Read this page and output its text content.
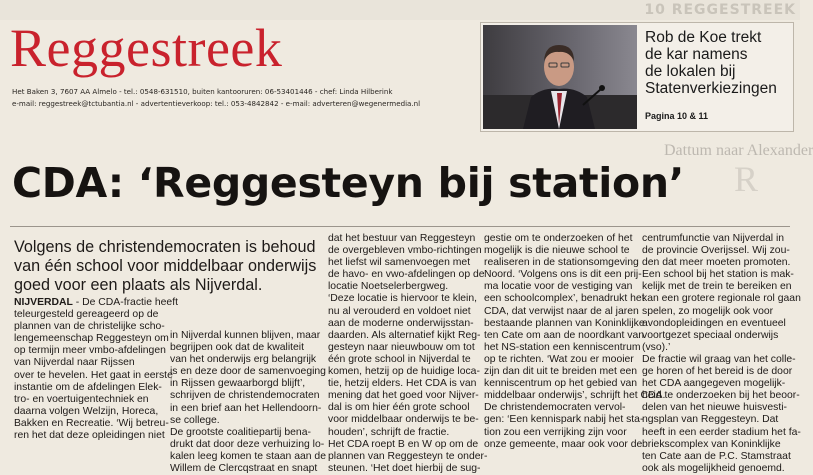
10 REGGESTREEK
Reggestreek
Het Baken 3, 7607 AA Almelo - tel.: 0548-631510, buiten kantooruren: 06-53401446 - chef: Linda Hilberink
e-mail: reggestreek@tctubantia.nl - advertentieverkoop: tel.: 053-4842842 - e-mail: adverteren@wegenermedia.nl
Rob de Koe trekt
de kar namens
de lokalen bij
Statenverkiezingen
Pagina 10 & 11
Dattum naar Alexander
R
CDA: ‘Reggesteyn bij station’
Volgens de christendemocraten is behoud
van één school voor middelbaar onderwijs
goed voor een plaats als Nijverdal.
NIJVERDAL - De CDA-fractie heeft
teleurgesteld gereageerd op de
plannen van de christelijke scho-
lengemeenschap Reggesteyn om
op termijn meer vmbo-afdelingen
van Nijverdal naar Rijssen
over te hevelen. Het gaat in eerste
instantie om de afdelingen Elek-
tro- en voertuigentechniek en
daarna volgen Welzijn, Horeca,
Bakken en Recreatie. ‘Wij betreu-
ren het dat deze opleidingen niet
in Nijverdal kunnen blijven, maar
begrijpen ook dat de kwaliteit
van het onderwijs erg belangrijk
is en deze door de samenvoeging
in Rijssen gewaarborgd blijft’,
schrijven de christendemocraten
in een brief aan het Hellendoorn-
se college.
De grootste coalitiepartij bena-
drukt dat door deze verhuizing lo-
kalen leeg komen te staan aan de
Willem de Clercqstraat en snapt
dat het bestuur van Reggesteyn
de overgebleven vmbo-richtingen
het liefst wil samenvoegen met
de havo- en vwo-afdelingen op de
locatie Noetselerbergweg.
‘Deze locatie is hiervoor te klein,
nu al verouderd en voldoet niet
aan de moderne onderwijsstan-
daarden. Als alternatief kijkt Reg-
gesteyn naar nieuwbouw om tot
één grote school in Nijverdal te
komen, hetzij op de huidige loca-
tie, hetzij elders. Het CDA is van
mening dat het goed voor Nijver-
dal is om hier één grote school
voor middelbaar onderwijs te be-
houden’, schrijft de fractie.
Het CDA roept B en W op om de
plannen van Reggesteyn te onder-
steunen. ‘Het doet hierbij de sug-
gestie om te onderzoeken of het
mogelijk is die nieuwe school te
realiseren in de stationsomgeving
Noord. ‘Volgens ons is dit een prij-
ma locatie voor de vestiging van
een schoolcomplex’, benadrukt het
CDA, dat verwijst naar de al jaren
bestaande plannen van Koninklijke
ten Cate om aan de noordkant van
het NS-station een kenniscentrum
op te richten. ‘Wat zou er mooier
zijn dan dit uit te breiden met een
kenniscentrum op het gebied van
middelbaar onderwijs’, schrijft het CDA.
De christendemocraten vervol-
gen: ‘Een kennispark nabij het sta-
tion zou een verrijking zijn voor
onze gemeente, maar ook voor de
centrumfunctie van Nijverdal in
de provincie Overijssel. Wij zou-
den dat meer moeten promoten.
Een school bij het station is mak-
kelijk met de trein te bereiken en
kan een grotere regionale rol gaan
spelen, zo mogelijk ook voor
avondopleidingen en eventueel
voortgezet speciaal onderwijs
(vso).’
De fractie wil graag van het colle-
ge horen of het bereid is de door
het CDA aangegeven mogelijk-
heid te onderzoeken bij het beoor-
delen van het nieuwe huisvesti-
ngsplan van Reggesteyn. Dat
heeft in een eerder stadium het fa-
briekscomplex van Koninklijke
ten Cate aan de P.C. Stamstraat
ook als mogelijkheid genoemd.
